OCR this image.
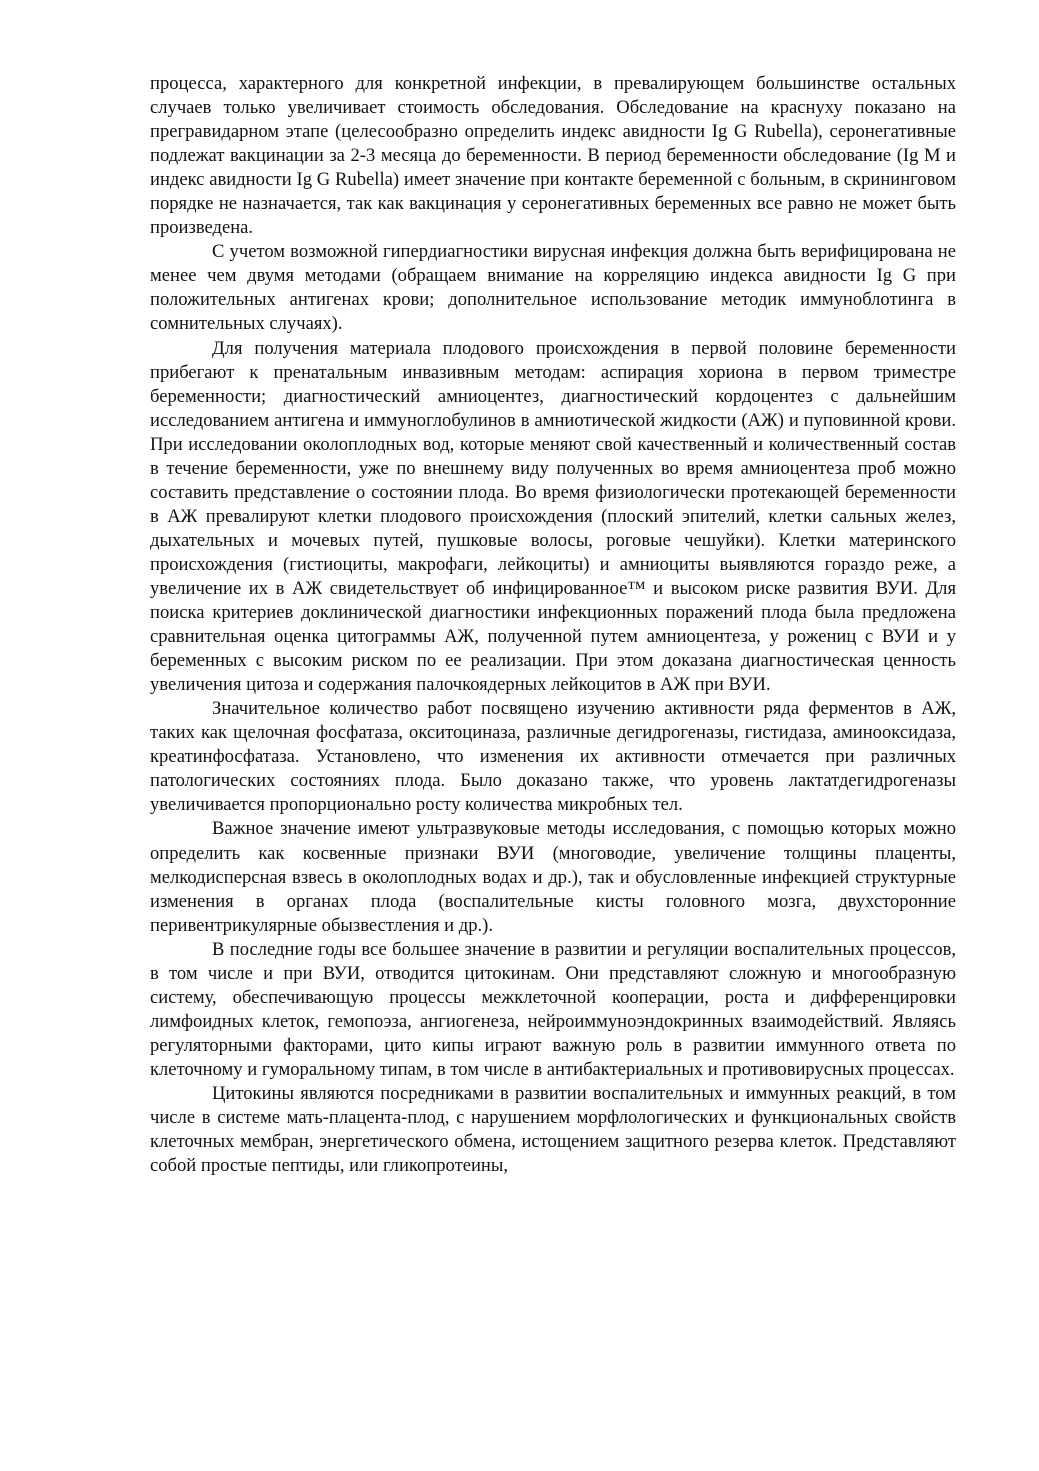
процесса, характерного для конкретной инфекции, в превалирующем большинстве остальных случаев только увеличивает стоимость обследования. Обследование на краснуху показано на прегравидарном этапе (целесообразно определить индекс авидности Ig G Rubella), серонегативные подлежат вакцинации за 2-3 месяца до беременности. В период беременности обследование (Ig M и индекс авидности Ig G Rubella) имеет значение при контакте беременной с больным, в скрининговом порядке не назначается, так как вакцинация у серонегативных беременных все равно не может быть произведена.

С учетом возможной гипердиагностики вирусная инфекция должна быть верифицирована не менее чем двумя методами (обращаем внимание на корреляцию индекса авидности Ig G при положительных антигенах крови; дополнительное использование методик иммуноблотинга в сомнительных случаях).

Для получения материала плодового происхождения в первой половине беременности прибегают к пренатальным инвазивным методам: аспирация хориона в первом триместре беременности; диагностический амниоцентез, диагностический кордоцентез с дальнейшим исследованием антигена и иммуноглобулинов в амниотической жидкости (АЖ) и пуповинной крови. При исследовании околоплодных вод, которые меняют свой качественный и количественный состав в течение беременности, уже по внешнему виду полученных во время амниоцентеза проб можно составить представление о состоянии плода. Во время физиологически протекающей беременности в АЖ превалируют клетки плодового происхождения (плоский эпителий, клетки сальных желез, дыхательных и мочевых путей, пушковые волосы, роговые чешуйки). Клетки материнского происхождения (гистиоциты, макрофаги, лейкоциты) и амниоциты выявляются гораздо реже, а увеличение их в АЖ свидетельствует об инфицированное™ и высоком риске развития ВУИ. Для поиска критериев доклинической диагностики инфекционных поражений плода была предложена сравнительная оценка цитограммы АЖ, полученной путем амниоцентеза, у рожениц с ВУИ и у беременных с высоким риском по ее реализации. При этом доказана диагностическая ценность увеличения цитоза и содержания палочкоядерных лейкоцитов в АЖ при ВУИ.

Значительное количество работ посвящено изучению активности ряда ферментов в АЖ, таких как щелочная фосфатаза, окситоциназа, различные дегидрогеназы, гистидаза, аминооксидаза, креатинфосфатаза. Установлено, что изменения их активности отмечается при различных патологических состояниях плода. Было доказано также, что уровень лактатдегидрогеназы увеличивается пропорционально росту количества микробных тел.

Важное значение имеют ультразвуковые методы исследования, с помощью которых можно определить как косвенные признаки ВУИ (многоводие, увеличение толщины плаценты, мелкодисперсная взвесь в околоплодных водах и др.), так и обусловленные инфекцией структурные изменения в органах плода (воспалительные кисты головного мозга, двухсторонние перивентрикулярные обызвестления и др.).

В последние годы все большее значение в развитии и регуляции воспалительных процессов, в том числе и при ВУИ, отводится цитокинам. Они представляют сложную и многообразную систему, обеспечивающую процессы межклеточной кооперации, роста и дифференцировки лимфоидных клеток, гемопоэза, ангиогенеза, нейроиммуноэндокринных взаимодействий. Являясь регуляторными факторами, цито кипы играют важную роль в развитии иммунного ответа по клеточному и гуморальному типам, в том числе в антибактериальных и противовирусных процессах.

Цитокины являются посредниками в развитии воспалительных и иммунных реакций, в том числе в системе мать-плацента-плод, с нарушением морфлологических и функциональных свойств клеточных мембран, энергетического обмена, истощением защитного резерва клеток. Представляют собой простые пептиды, или гликопротеины,
